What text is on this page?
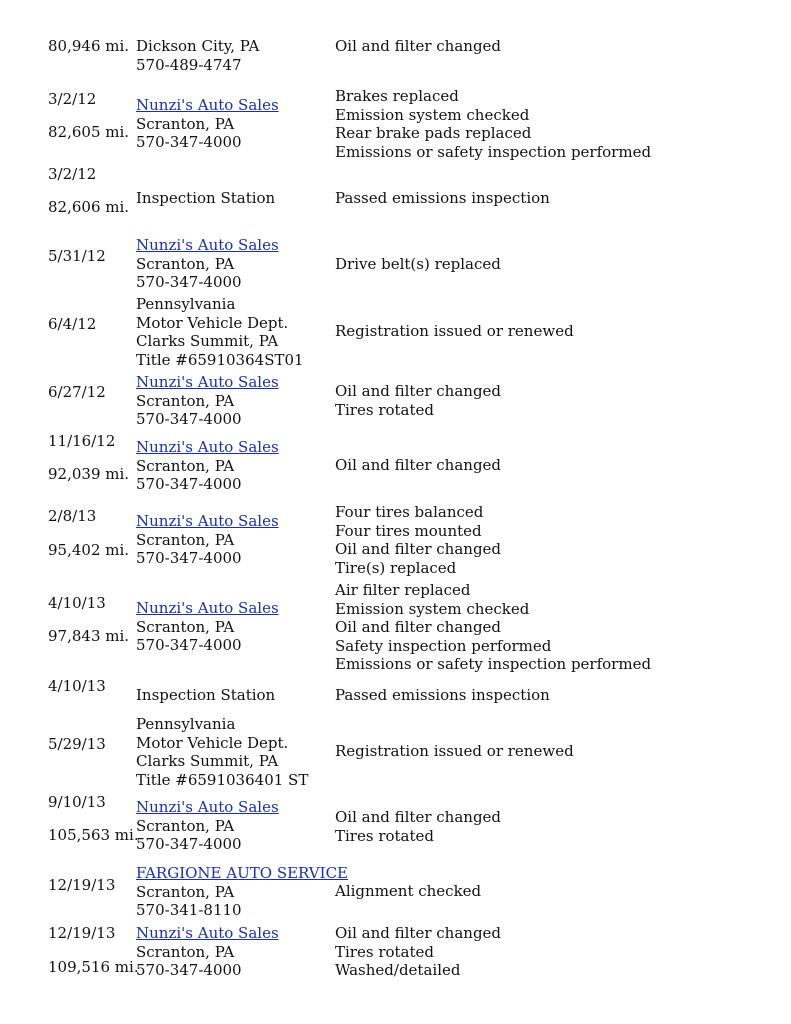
80,946 mi. Dickson City, PA
570-489-4747
Oil and filter changed
3/2/12
82,605 mi.
Nunzi's Auto Sales
Scranton, PA
570-347-4000
Brakes replaced
Emission system checked
Rear brake pads replaced
Emissions or safety inspection performed
3/2/12
82,606 mi. Inspection Station	Passed emissions inspection
5/31/12
Nunzi's Auto Sales
Scranton, PA
570-347-4000
Drive belt(s) replaced
6/4/12
Pennsylvania
Motor Vehicle Dept.
Clarks Summit, PA
Title #65910364ST01
Registration issued or renewed
6/27/12
Nunzi's Auto Sales
Scranton, PA
570-347-4000
Oil and filter changed
Tires rotated
11/16/12
92,039 mi.
Nunzi's Auto Sales
Scranton, PA
570-347-4000
Oil and filter changed
2/8/13
95,402 mi.
Nunzi's Auto Sales
Scranton, PA
570-347-4000
Four tires balanced
Four tires mounted
Oil and filter changed
Tire(s) replaced
4/10/13
97,843 mi.
Nunzi's Auto Sales
Scranton, PA
570-347-4000
Air filter replaced
Emission system checked
Oil and filter changed
Safety inspection performed
Emissions or safety inspection performed
4/10/13 Inspection Station	Passed emissions inspection
5/29/13
Pennsylvania
Motor Vehicle Dept.
Clarks Summit, PA
Title #6591036401 ST
Registration issued or renewed
9/10/13
105,563 mi.
Nunzi's Auto Sales
Scranton, PA
570-347-4000
Oil and filter changed
Tires rotated
12/19/13
FARGIONE AUTO SERVICE
Scranton, PA
570-341-8110
Alignment checked
12/19/13
109,516 mi.
Nunzi's Auto Sales
Scranton, PA
570-347-4000
Oil and filter changed
Tires rotated
Washed/detailed
